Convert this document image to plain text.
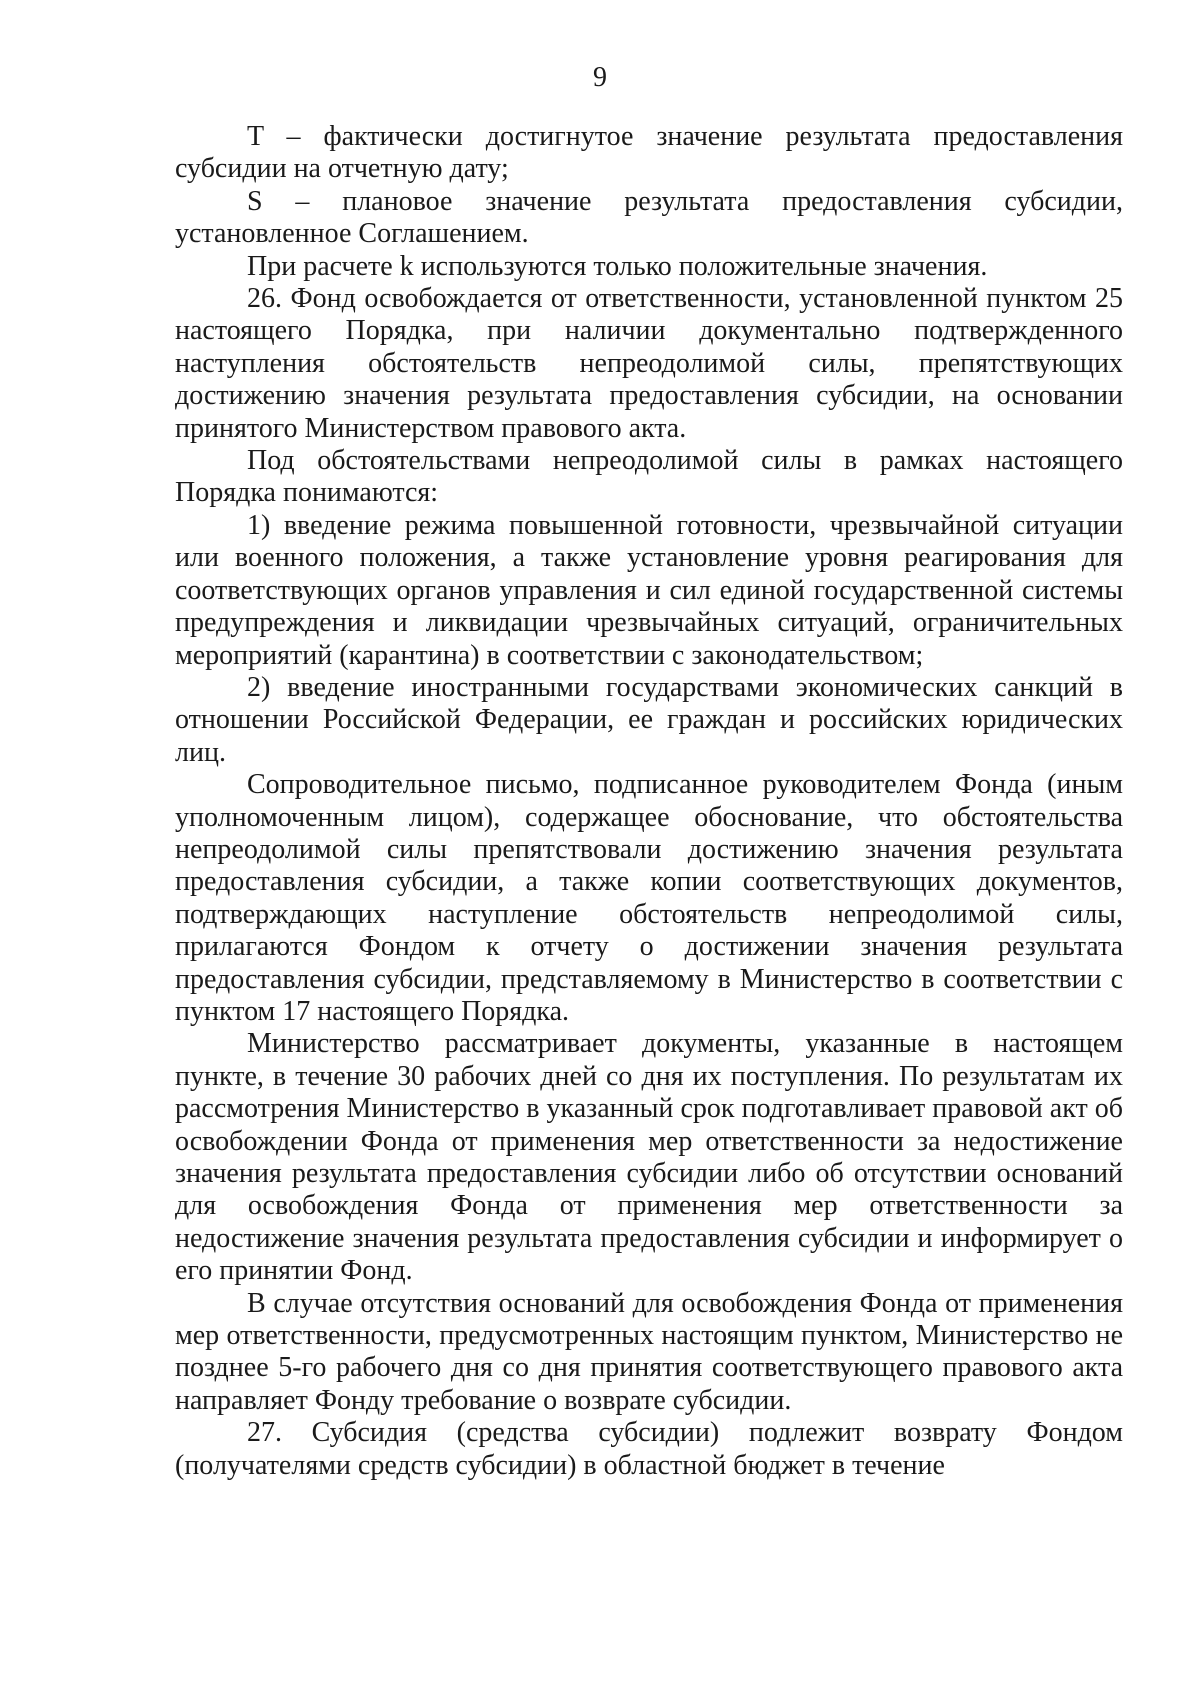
9

T – фактически достигнутое значение результата предоставления субсидии на отчетную дату;

S – плановое значение результата предоставления субсидии, установленное Соглашением.

При расчете k используются только положительные значения.

26. Фонд освобождается от ответственности, установленной пунктом 25 настоящего Порядка, при наличии документально подтвержденного наступления обстоятельств непреодолимой силы, препятствующих достижению значения результата предоставления субсидии, на основании принятого Министерством правового акта.

Под обстоятельствами непреодолимой силы в рамках настоящего Порядка понимаются:

1) введение режима повышенной готовности, чрезвычайной ситуации или военного положения, а также установление уровня реагирования для соответствующих органов управления и сил единой государственной системы предупреждения и ликвидации чрезвычайных ситуаций, ограничительных мероприятий (карантина) в соответствии с законодательством;

2) введение иностранными государствами экономических санкций в отношении Российской Федерации, ее граждан и российских юридических лиц.

Сопроводительное письмо, подписанное руководителем Фонда (иным уполномоченным лицом), содержащее обоснование, что обстоятельства непреодолимой силы препятствовали достижению значения результата предоставления субсидии, а также копии соответствующих документов, подтверждающих наступление обстоятельств непреодолимой силы, прилагаются Фондом к отчету о достижении значения результата предоставления субсидии, представляемому в Министерство в соответствии с пунктом 17 настоящего Порядка.

Министерство рассматривает документы, указанные в настоящем пункте, в течение 30 рабочих дней со дня их поступления. По результатам их рассмотрения Министерство в указанный срок подготавливает правовой акт об освобождении Фонда от применения мер ответственности за недостижение значения результата предоставления субсидии либо об отсутствии оснований для освобождения Фонда от применения мер ответственности за недостижение значения результата предоставления субсидии и информирует о его принятии Фонд.

В случае отсутствия оснований для освобождения Фонда от применения мер ответственности, предусмотренных настоящим пунктом, Министерство не позднее 5-го рабочего дня со дня принятия соответствующего правового акта направляет Фонду требование о возврате субсидии.

27. Субсидия (средства субсидии) подлежит возврату Фондом (получателями средств субсидии) в областной бюджет в течение
